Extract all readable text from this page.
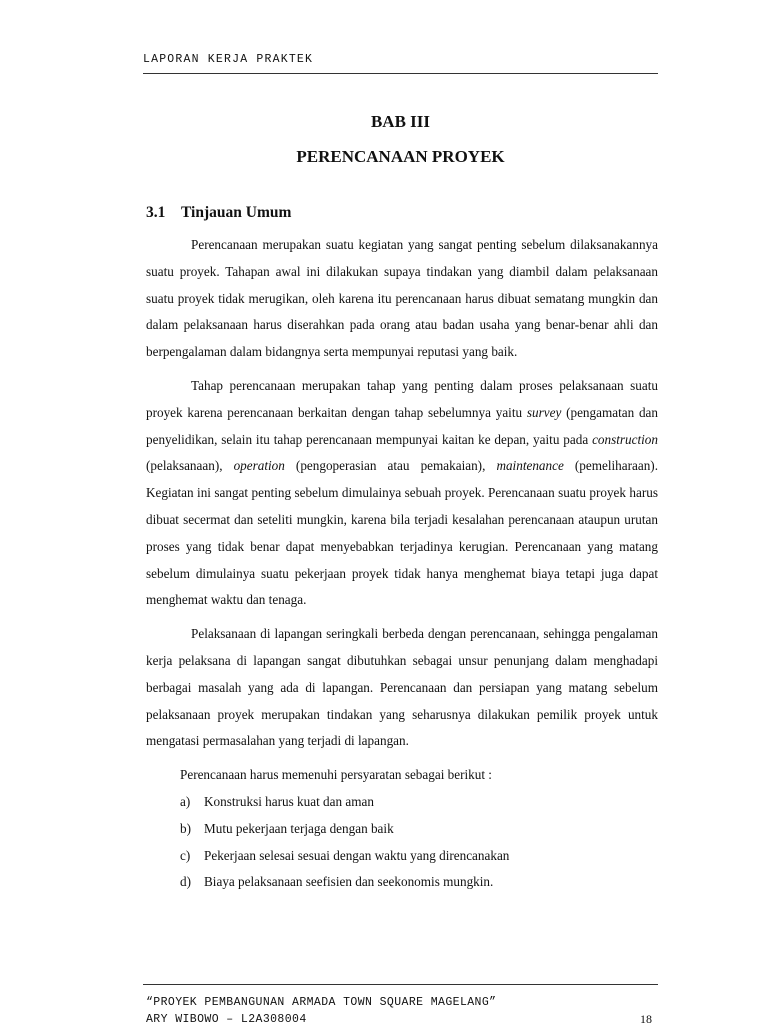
LAPORAN KERJA PRAKTEK
BAB III
PERENCANAAN PROYEK
3.1 Tinjauan Umum

Perencanaan merupakan suatu kegiatan yang sangat penting sebelum dilaksanakannya suatu proyek. Tahapan awal ini dilakukan supaya tindakan yang diambil dalam pelaksanaan suatu proyek tidak merugikan, oleh karena itu perencanaan harus dibuat sematang mungkin dan dalam pelaksanaan harus diserahkan pada orang atau badan usaha yang benar-benar ahli dan berpengalaman dalam bidangnya serta mempunyai reputasi yang baik.

Tahap perencanaan merupakan tahap yang penting dalam proses pelaksanaan suatu proyek karena perencanaan berkaitan dengan tahap sebelumnya yaitu survey (pengamatan dan penyelidikan, selain itu tahap perencanaan mempunyai kaitan ke depan, yaitu pada construction (pelaksanaan), operation (pengoperasian atau pemakaian), maintenance (pemeliharaan). Kegiatan ini sangat penting sebelum dimulainya sebuah proyek. Perencanaan suatu proyek harus dibuat secermat dan seteliti mungkin, karena bila terjadi kesalahan perencanaan ataupun urutan proses yang tidak benar dapat menyebabkan terjadinya kerugian. Perencanaan yang matang sebelum dimulainya suatu pekerjaan proyek tidak hanya menghemat biaya tetapi juga dapat menghemat waktu dan tenaga.

Pelaksanaan di lapangan seringkali berbeda dengan perencanaan, sehingga pengalaman kerja pelaksana di lapangan sangat dibutuhkan sebagai unsur penunjang dalam menghadapi berbagai masalah yang ada di lapangan. Perencanaan dan persiapan yang matang sebelum pelaksanaan proyek merupakan tindakan yang seharusnya dilakukan pemilik proyek untuk mengatasi permasalahan yang terjadi di lapangan.

Perencanaan harus memenuhi persyaratan sebagai berikut :
a)	Konstruksi harus kuat dan aman
b) Mutu pekerjaan terjaga dengan baik
c)	Pekerjaan selesai sesuai dengan waktu yang direncanakan
d) Biaya pelaksanaan seefisien dan seekonomis mungkin.
“PROYEK PEMBANGUNAN ARMADA TOWN SQUARE MAGELANG”
ARY WIBOWO – L2A308004	18
